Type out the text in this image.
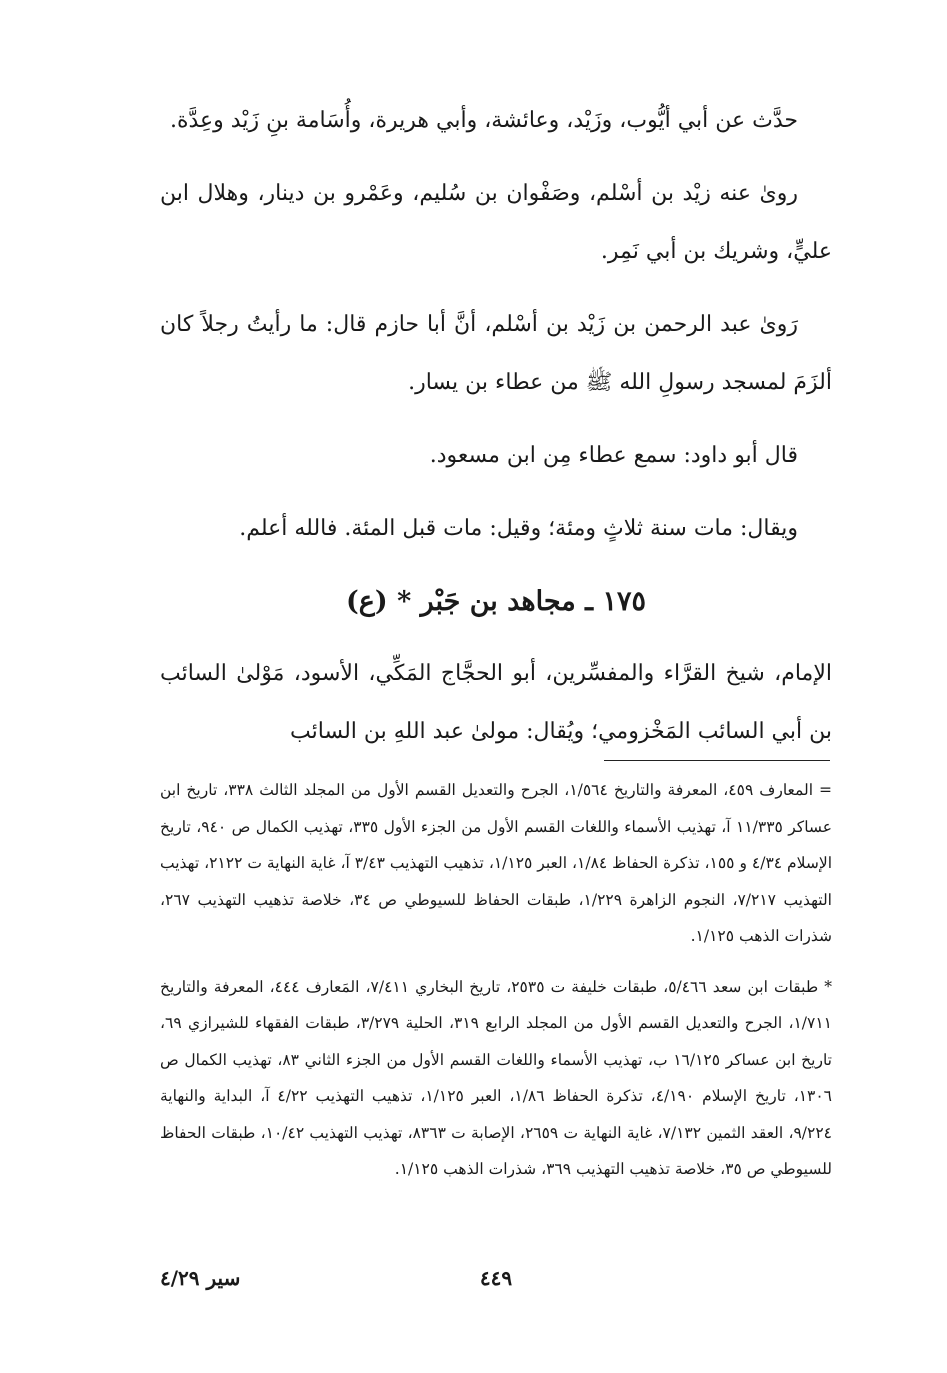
حدَّث عن أبي أيُّوب، وزَيْد، وعائشة، وأبي هريرة، وأُسَامة بنِ زَيْد وعِدَّة.

روىٰ عنه زيْد بن أسْلم، وصَفْوان بن سُليم، وعَمْرو بن دينار، وهلال ابن عليٍّ، وشريك بن أبي نَمِر.

رَوىٰ عبد الرحمن بن زَيْد بن أسْلم، أنَّ أبا حازم قال: ما رأيتُ رجلاً كان ألزَمَ لمسجد رسولِ الله ﷺ من عطاء بن يسار.

قال أبو داود: سمع عطاء مِن ابن مسعود.

ويقال: مات سنة ثلاثٍ ومئة؛ وقيل: مات قبل المئة. فالله أعلم.

١٧٥ ـ مجاهد بن جَبْر * (ع)

الإمام، شيخ القرَّاء والمفسِّرين، أبو الحجَّاج المَكِّي، الأسود، مَوْلىٰ السائب بن أبي السائب المَخْزومي؛ ويُقال: مولىٰ عبد اللهِ بن السائب

= المعارف ٤٥٩، المعرفة والتاريخ ١/٥٦٤، الجرح والتعديل القسم الأول من المجلد الثالث ٣٣٨، تاريخ ابن عساكر ١١/٣٣٥ آ، تهذيب الأسماء واللغات القسم الأول من الجزء الأول ٣٣٥، تهذيب الكمال ص ٩٤٠، تاريخ الإسلام ٤/٣٤ و ١٥٥، تذكرة الحفاظ ١/٨٤، العبر ١/١٢٥، تذهيب التهذيب ٣/٤٣ آ، غاية النهاية ت ٢١٢٢، تهذيب التهذيب ٧/٢١٧، النجوم الزاهرة ١/٢٢٩، طبقات الحفاظ للسيوطي ص ٣٤، خلاصة تذهيب التهذيب ٢٦٧، شذرات الذهب ١/١٢٥.

* طبقات ابن سعد ٥/٤٦٦، طبقات خليفة ت ٢٥٣٥، تاريخ البخاري ٧/٤١١، المَعارف ٤٤٤، المعرفة والتاريخ ١/٧١١، الجرح والتعديل القسم الأول من المجلد الرابع ٣١٩، الحلية ٣/٢٧٩، طبقات الفقهاء للشيرازي ٦٩، تاريخ ابن عساكر ١٦/١٢٥ ب، تهذيب الأسماء واللغات القسم الأول من الجزء الثاني ٨٣، تهذيب الكمال ص ١٣٠٦، تاريخ الإسلام ٤/١٩٠، تذكرة الحفاظ ١/٨٦، العبر ١/١٢٥، تذهيب التهذيب ٤/٢٢ آ، البداية والنهاية ٩/٢٢٤، العقد الثمين ٧/١٣٢، غاية النهاية ت ٢٦٥٩، الإصابة ت ٨٣٦٣، تهذيب التهذيب ١٠/٤٢، طبقات الحفاظ للسيوطي ص ٣٥، خلاصة تذهيب التهذيب ٣٦٩، شذرات الذهب ١/١٢٥.

٤٤٩
سير ٤/٢٩
